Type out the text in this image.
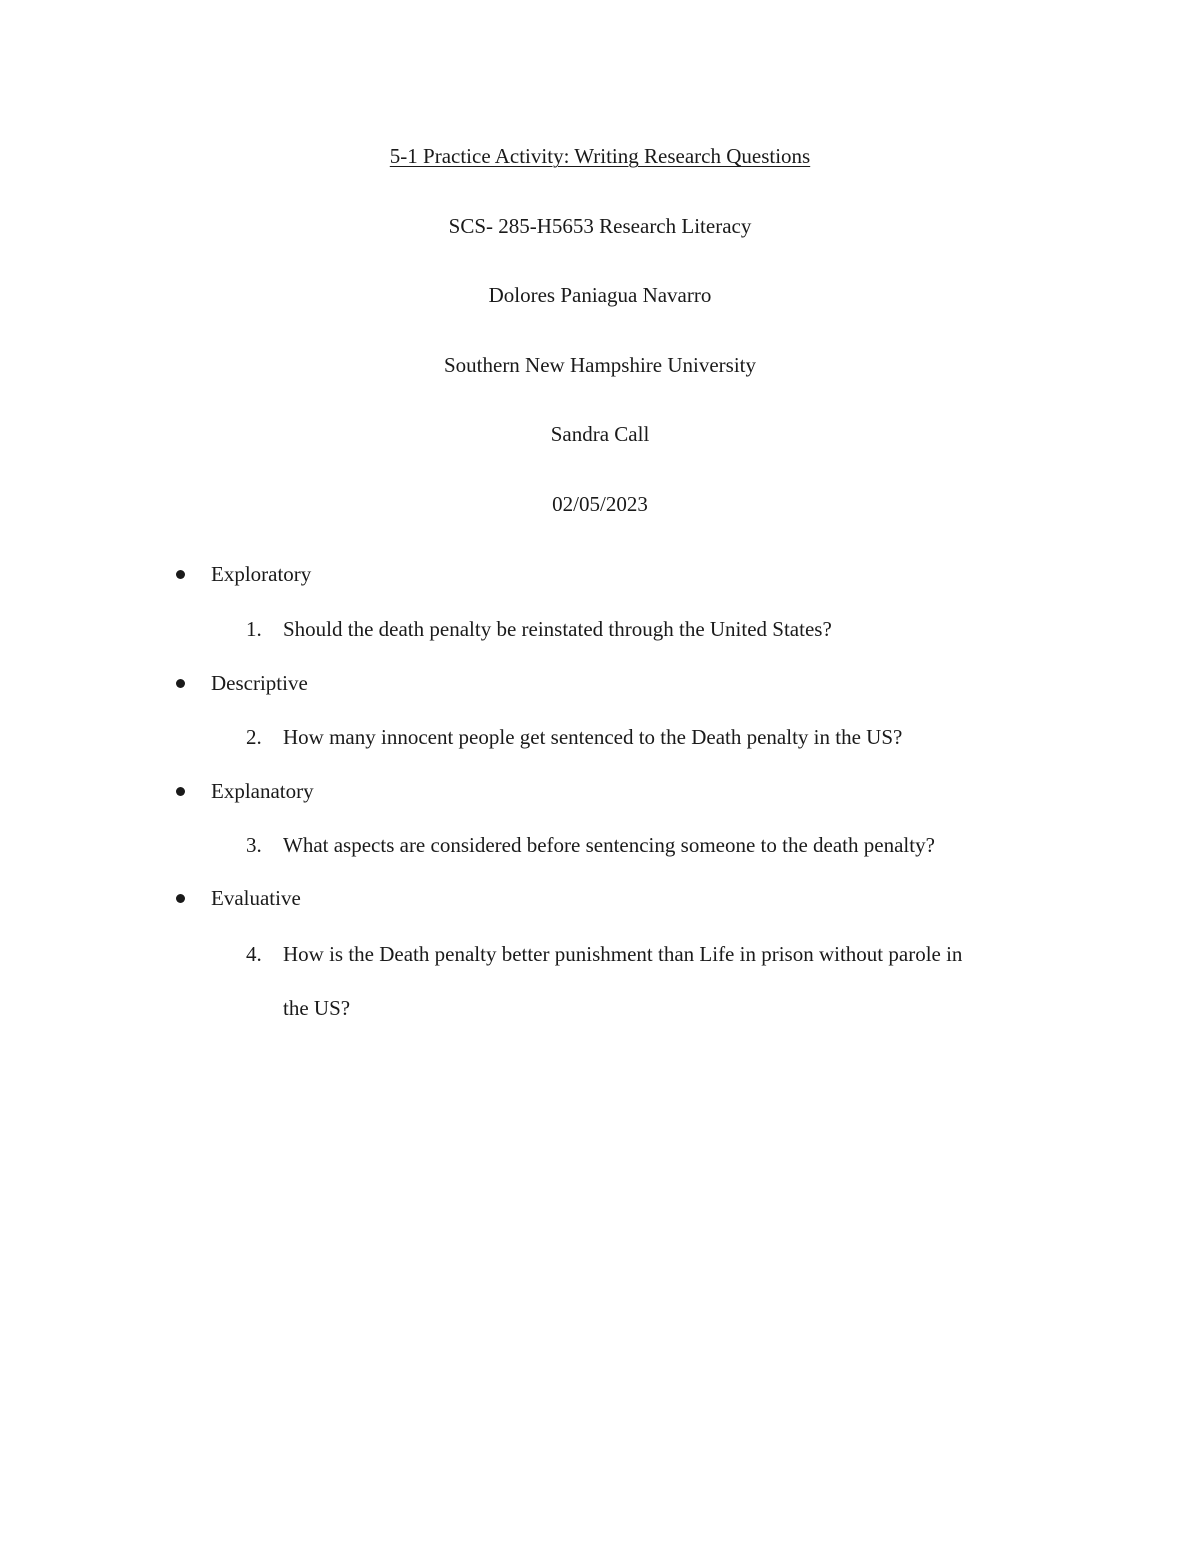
5-1 Practice Activity: Writing Research Questions
SCS- 285-H5653 Research Literacy
Dolores Paniagua Navarro
Southern New Hampshire University
Sandra Call
02/05/2023
Exploratory
1. Should the death penalty be reinstated through the United States?
Descriptive
2. How many innocent people get sentenced to the Death penalty in the US?
Explanatory
3. What aspects are considered before sentencing someone to the death penalty?
Evaluative
4. How is the Death penalty better punishment than Life in prison without parole in
the US?
